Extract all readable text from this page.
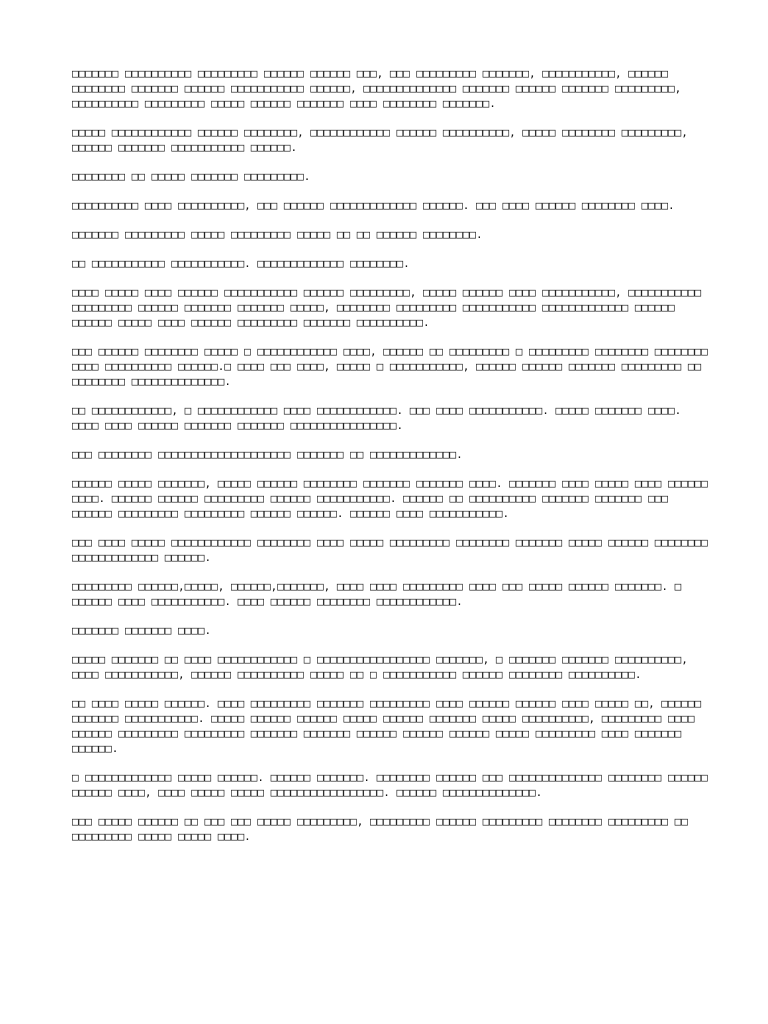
□□□□□□□ □□□□□□□□□□ □□□□□□□□□ □□□□□□ □□□□□□ □□□, □□□ □□□□□□□□□ □□□□□□□, □□□□□□□□□□□, □□□□□□ □□□□□□□□ □□□□□□□ □□□□□□ □□□□□□□□□□□ □□□□□□, □□□□□□□□□□□□□□ □□□□□□□ □□□□□□ □□□□□□□ □□□□□□□□□, □□□□□□□□□□ □□□□□□□□□ □□□□□ □□□□□□ □□□□□□□ □□□□ □□□□□□□□ □□□□□□□.

□□□□□ □□□□□□□□□□□□ □□□□□□ □□□□□□□□, □□□□□□□□□□□□ □□□□□□ □□□□□□□□□□, □□□□□ □□□□□□□□ □□□□□□□□□, □□□□□□ □□□□□□□ □□□□□□□□□□□ □□□□□□.

□□□□□□□□ □□ □□□□□ □□□□□□□ □□□□□□□□□.

□□□□□□□□□□ □□□□ □□□□□□□□□□, □□□ □□□□□□ □□□□□□□□□□□□□ □□□□□□. □□□ □□□□ □□□□□□ □□□□□□□□ □□□□.

□□□□□□□ □□□□□□□□□ □□□□□ □□□□□□□□□ □□□□□ □□ □□ □□□□□□ □□□□□□□□.

□□ □□□□□□□□□□□ □□□□□□□□□□□. □□□□□□□□□□□□□ □□□□□□□□.

□□□□ □□□□□ □□□□ □□□□□□ □□□□□□□□□□□ □□□□□□ □□□□□□□□□, □□□□□ □□□□□□ □□□□ □□□□□□□□□□□, □□□□□□□□□□□ □□□□□□□□□ □□□□□□ □□□□□□□ □□□□□□□ □□□□□, □□□□□□□□ □□□□□□□□□ □□□□□□□□□□□ □□□□□□□□□□□□□ □□□□□□ □□□□□□ □□□□□ □□□□ □□□□□□ □□□□□□□□□ □□□□□□□ □□□□□□□□□□.

□□□ □□□□□□ □□□□□□□□ □□□□□ □ □□□□□□□□□□□□ □□□□, □□□□□□ □□ □□□□□□□□□ □ □□□□□□□□□ □□□□□□□□ □□□□□□□□ □□□□ □□□□□□□□□□ □□□□□□.□ □□□□ □□□ □□□□, □□□□□ □ □□□□□□□□□□□, □□□□□□ □□□□□□ □□□□□□□ □□□□□□□□□ □□ □□□□□□□□ □□□□□□□□□□□□□□.

□□ □□□□□□□□□□□□, □ □□□□□□□□□□□□ □□□□ □□□□□□□□□□□□. □□□ □□□□ □□□□□□□□□□□. □□□□□ □□□□□□□ □□□□. □□□□ □□□□ □□□□□□ □□□□□□□ □□□□□□□ □□□□□□□□□□□□□□□□.

□□□ □□□□□□□□ □□□□□□□□□□□□□□□□□□□□ □□□□□□□ □□ □□□□□□□□□□□□□.

□□□□□□ □□□□□ □□□□□□□, □□□□□ □□□□□□ □□□□□□□□ □□□□□□□ □□□□□□□ □□□□. □□□□□□□ □□□□ □□□□□ □□□□ □□□□□□ □□□□. □□□□□□ □□□□□□ □□□□□□□□□ □□□□□□ □□□□□□□□□□□. □□□□□□ □□ □□□□□□□□□□ □□□□□□□ □□□□□□□ □□□ □□□□□□ □□□□□□□□□ □□□□□□□□□ □□□□□□ □□□□□□. □□□□□□ □□□□ □□□□□□□□□□□.

□□□ □□□□ □□□□□ □□□□□□□□□□□□ □□□□□□□□ □□□□ □□□□□ □□□□□□□□□ □□□□□□□□ □□□□□□□ □□□□□ □□□□□□ □□□□□□□□ □□□□□□□□□□□□□ □□□□□□.

□□□□□□□□□ □□□□□□,□□□□□, □□□□□□,□□□□□□□, □□□□ □□□□ □□□□□□□□□ □□□□ □□□ □□□□□ □□□□□□ □□□□□□□. □ □□□□□□ □□□□ □□□□□□□□□□□. □□□□ □□□□□□ □□□□□□□□ □□□□□□□□□□□□.

□□□□□□□ □□□□□□□ □□□□.

□□□□□ □□□□□□□ □□ □□□□ □□□□□□□□□□□□ □ □□□□□□□□□□□□□□□□□ □□□□□□□, □ □□□□□□□ □□□□□□□ □□□□□□□□□□, □□□□ □□□□□□□□□□□, □□□□□□ □□□□□□□□□□ □□□□□ □□ □ □□□□□□□□□□□ □□□□□□ □□□□□□□□ □□□□□□□□□□.

□□ □□□□ □□□□□ □□□□□□. □□□□ □□□□□□□□□ □□□□□□□ □□□□□□□□□ □□□□ □□□□□□ □□□□□□ □□□□ □□□□□ □□, □□□□□□ □□□□□□□ □□□□□□□□□□□. □□□□□ □□□□□□ □□□□□□ □□□□□ □□□□□□ □□□□□□□ □□□□□ □□□□□□□□□□, □□□□□□□□□ □□□□ □□□□□□ □□□□□□□□□ □□□□□□□□□ □□□□□□□ □□□□□□□ □□□□□□ □□□□□□ □□□□□□ □□□□□ □□□□□□□□□ □□□□ □□□□□□□ □□□□□□.

□ □□□□□□□□□□□□□ □□□□□ □□□□□□. □□□□□□ □□□□□□□. □□□□□□□□ □□□□□□ □□□ □□□□□□□□□□□□□□ □□□□□□□□ □□□□□□ □□□□□□ □□□□, □□□□ □□□□□ □□□□□ □□□□□□□□□□□□□□□□□. □□□□□□ □□□□□□□□□□□□□□.

□□□ □□□□□ □□□□□□ □□ □□□ □□□ □□□□□ □□□□□□□□□, □□□□□□□□□ □□□□□□ □□□□□□□□□ □□□□□□□□ □□□□□□□□□ □□ □□□□□□□□□ □□□□□ □□□□□ □□□□.
